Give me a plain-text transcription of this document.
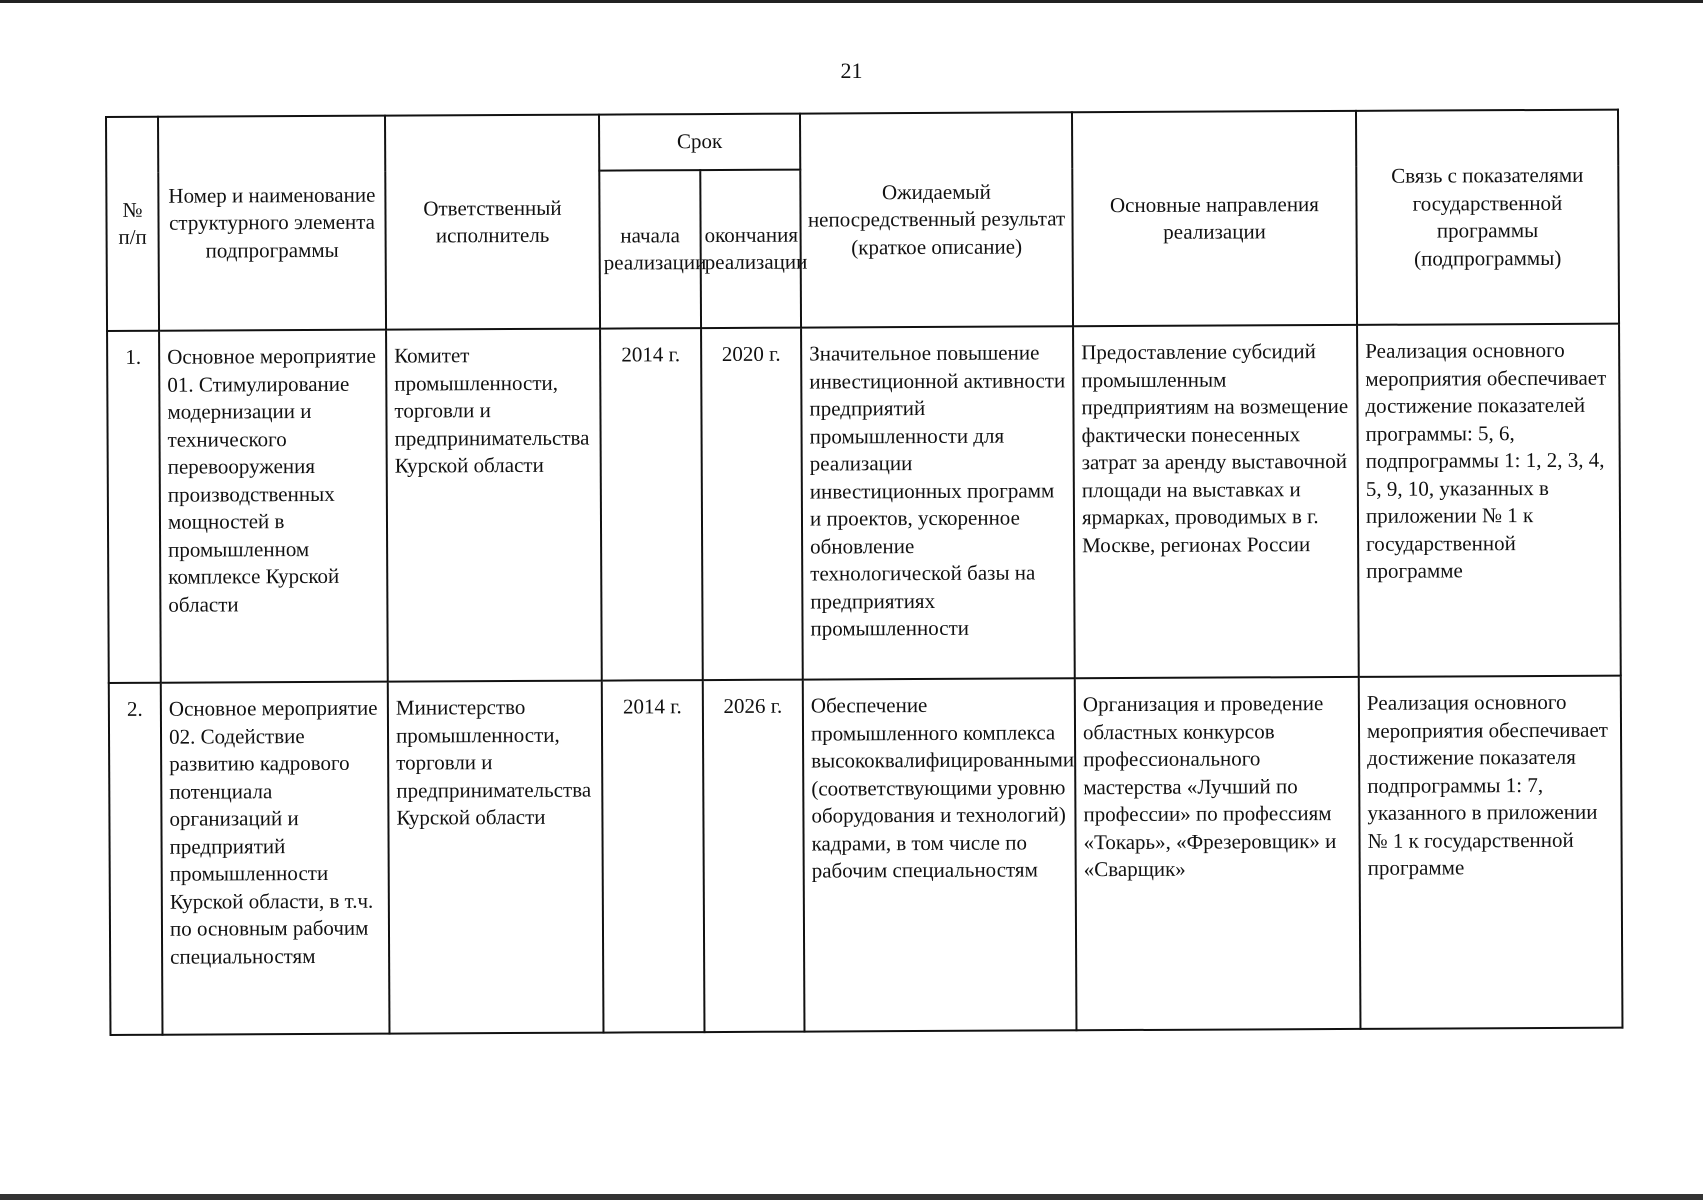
21
№ п/п	Номер и наименование структурного элемента подпрограммы	Ответственный исполнитель	Срок		Ожидаемый непосредственный результат (краткое описание)	Основные направления реализации	Связь с показателями государственной программы (подпрограммы)
			начала реализации	окончания реализации			
1.	Основное мероприятие 01. Стимулирование модернизации и технического перевооружения производственных мощностей в промышленном комплексе Курской области	Комитет промышленности, торговли и предпринимательства Курской области	2014 г.	2020 г.	Значительное повышение инвестиционной активности предприятий промышленности для реализации инвестиционных программ и проектов, ускоренное обновление технологической базы на предприятиях промышленности	Предоставление субсидий промышленным предприятиям на возмещение фактически понесенных затрат за аренду выставочной площади на выставках и ярмарках, проводимых в г. Москве, регионах России	Реализация основного мероприятия обеспечивает достижение показателей программы: 5, 6, подпрограммы 1: 1, 2, 3, 4, 5, 9, 10, указанных в приложении № 1 к государственной программе
2.	Основное мероприятие 02. Содействие развитию кадрового потенциала организаций и предприятий промышленности Курской области, в т.ч. по основным рабочим специальностям	Министерство промышленности, торговли и предпринимательства Курской области	2014 г.	2026 г.	Обеспечение промышленного комплекса высококвалифицированными (соответствующими уровню оборудования и технологий) кадрами, в том числе по рабочим специальностям	Организация и проведение областных конкурсов профессионального мастерства «Лучший по профессии» по профессиям «Токарь», «Фрезеровщик» и «Сварщик»	Реализация основного мероприятия обеспечивает достижение показателя подпрограммы 1: 7, указанного в приложении № 1 к государственной программе
